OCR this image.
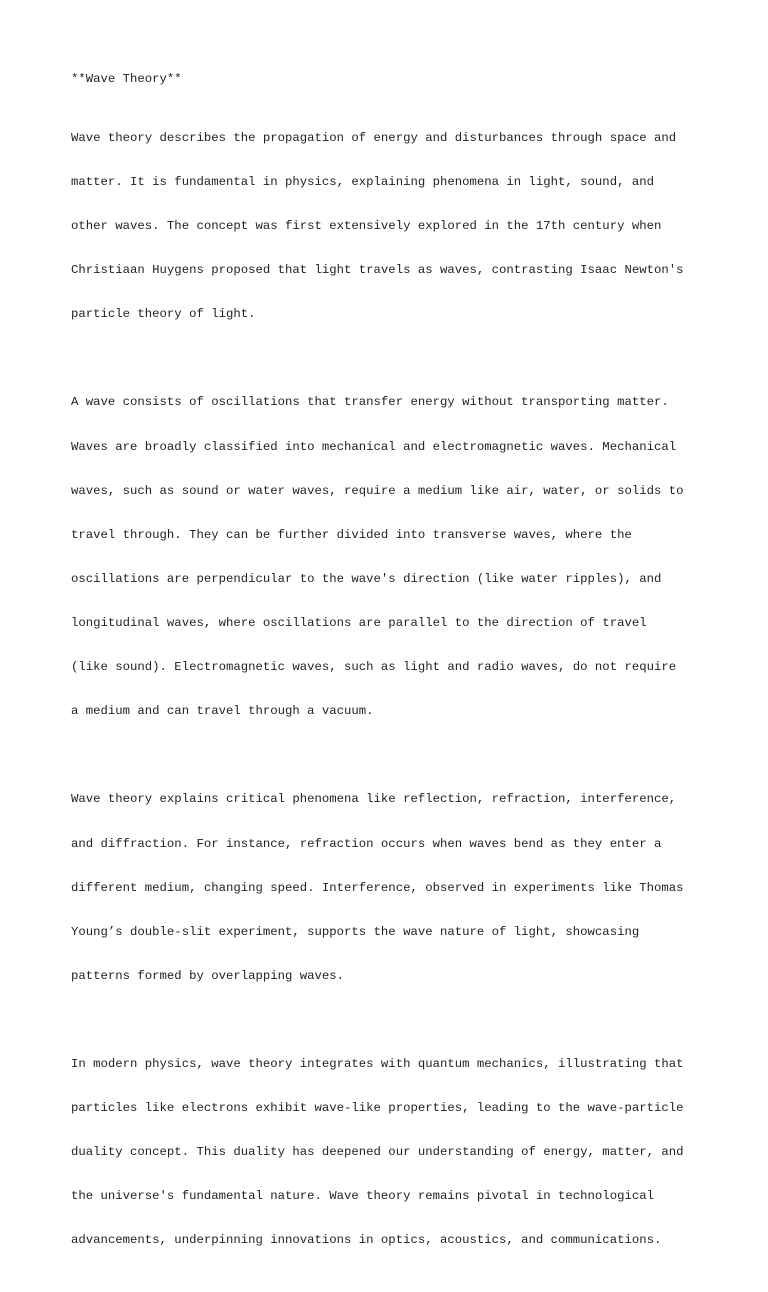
**Wave Theory**

Wave theory describes the propagation of energy and disturbances through space and

matter. It is fundamental in physics, explaining phenomena in light, sound, and

other waves. The concept was first extensively explored in the 17th century when

Christiaan Huygens proposed that light travels as waves, contrasting Isaac Newton's

particle theory of light.

A wave consists of oscillations that transfer energy without transporting matter.

Waves are broadly classified into mechanical and electromagnetic waves. Mechanical

waves, such as sound or water waves, require a medium like air, water, or solids to

travel through. They can be further divided into transverse waves, where the

oscillations are perpendicular to the wave's direction (like water ripples), and

longitudinal waves, where oscillations are parallel to the direction of travel

(like sound). Electromagnetic waves, such as light and radio waves, do not require

a medium and can travel through a vacuum.

Wave theory explains critical phenomena like reflection, refraction, interference,

and diffraction. For instance, refraction occurs when waves bend as they enter a

different medium, changing speed. Interference, observed in experiments like Thomas

Young’s double-slit experiment, supports the wave nature of light, showcasing

patterns formed by overlapping waves.

In modern physics, wave theory integrates with quantum mechanics, illustrating that

particles like electrons exhibit wave-like properties, leading to the wave-particle

duality concept. This duality has deepened our understanding of energy, matter, and

the universe's fundamental nature. Wave theory remains pivotal in technological

advancements, underpinning innovations in optics, acoustics, and communications.
